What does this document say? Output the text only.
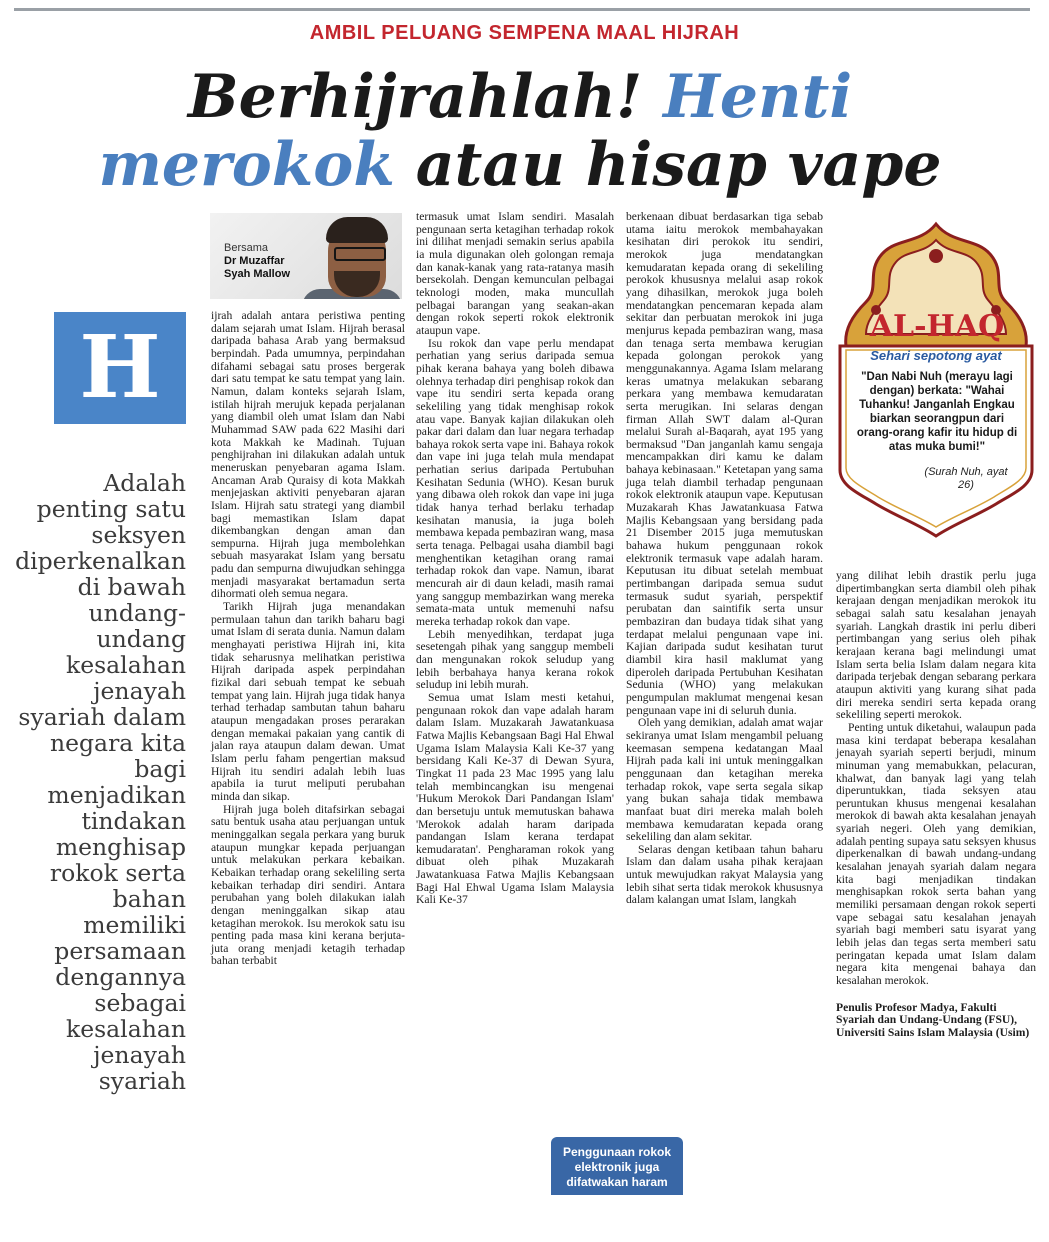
AMBIL PELUANG SEMPENA MAAL HIJRAH
Berhijrahlah! Henti
merokok atau hisap vape
Bersama
Dr Muzaffar
Syah Mallow
H
Adalah penting satu seksyen diperkenalkan di bawah undang-undang kesalahan jenayah syariah dalam negara kita bagi menjadikan tindakan menghisap rokok serta bahan memiliki persamaan dengannya sebagai kesalahan jenayah syariah

ijrah adalah antara peristiwa penting dalam sejarah umat Islam. Hijrah berasal daripada bahasa Arab yang bermaksud berpindah. Pada umumnya, perpindahan difahami sebagai satu proses bergerak dari satu tempat ke satu tempat yang lain. Namun, dalam konteks sejarah Islam, istilah hijrah merujuk kepada perjalanan yang diambil oleh umat Islam dan Nabi Muhammad SAW pada 622 Masihi dari kota Makkah ke Madinah. Tujuan penghijrahan ini dilakukan adalah untuk meneruskan penyebaran agama Islam. Ancaman Arab Quraisy di kota Makkah menjejaskan aktiviti penyebaran ajaran Islam. Hijrah satu strategi yang diambil bagi memastikan Islam dapat dikembangkan dengan aman dan sempurna. Hijrah juga membolehkan sebuah masyarakat Islam yang bersatu padu dan sempurna diwujudkan sehingga menjadi masyarakat bertamadun serta dihormati oleh semua negara.

Tarikh Hijrah juga menandakan permulaan tahun dan tarikh baharu bagi umat Islam di serata dunia. Namun dalam menghayati peristiwa Hijrah ini, kita tidak seharusnya melihatkan peristiwa Hijrah daripada aspek perpindahan fizikal dari sebuah tempat ke sebuah tempat yang lain. Hijrah juga tidak hanya terhad terhadap sambutan tahun baharu ataupun mengadakan proses perarakan dengan memakai pakaian yang cantik di jalan raya ataupun dalam dewan. Umat Islam perlu faham pengertian maksud Hijrah itu sendiri adalah lebih luas apabila ia turut meliputi perubahan minda dan sikap.

Hijrah juga boleh ditafsirkan sebagai satu bentuk usaha atau perjuangan untuk meninggalkan segala perkara yang buruk ataupun mungkar kepada perjuangan untuk melakukan perkara kebaikan. Kebaikan terhadap orang sekeliling serta kebaikan terhadap diri sendiri. Antara perubahan yang boleh dilakukan ialah dengan meninggalkan sikap atau ketagihan merokok. Isu merokok satu isu penting pada masa kini kerana berjuta-juta orang menjadi ketagih terhadap bahan terbabit

termasuk umat Islam sendiri. Masalah pengunaan serta ketagihan terhadap rokok ini dilihat menjadi semakin serius apabila ia mula digunakan oleh golongan remaja dan kanak-kanak yang rata-ratanya masih bersekolah. Dengan kemunculan pelbagai teknologi moden, maka muncullah pelbagai barangan yang seakan-akan dengan rokok seperti rokok elektronik ataupun vape.

Isu rokok dan vape perlu mendapat perhatian yang serius daripada semua pihak kerana bahaya yang boleh dibawa olehnya terhadap diri penghisap rokok dan vape itu sendiri serta kepada orang sekeliling yang tidak menghisap rokok atau vape. Banyak kajian dilakukan oleh pakar dari dalam dan luar negara terhadap bahaya rokok serta vape ini. Bahaya rokok dan vape ini juga telah mula mendapat perhatian serius daripada Pertubuhan Kesihatan Sedunia (WHO). Kesan buruk yang dibawa oleh rokok dan vape ini juga tidak hanya terhad berlaku terhadap kesihatan manusia, ia juga boleh membawa kepada pembaziran wang, masa serta tenaga. Pelbagai usaha diambil bagi menghentikan ketagihan orang ramai terhadap rokok dan vape. Namun, ibarat mencurah air di daun keladi, masih ramai yang sanggup membazirkan wang mereka semata-mata untuk memenuhi nafsu mereka terhadap rokok dan vape.

Lebih menyedihkan, terdapat juga sesetengah pihak yang sanggup membeli dan mengunakan rokok seludup yang lebih berbahaya hanya kerana rokok seludup ini lebih murah.

Semua umat Islam mesti ketahui, pengunaan rokok dan vape adalah haram dalam Islam. Muzakarah Jawatankuasa Fatwa Majlis Kebangsaan Bagi Hal Ehwal Ugama Islam Malaysia Kali Ke-37 yang bersidang Kali Ke-37 di Dewan Syura, Tingkat 11 pada 23 Mac 1995 yang lalu telah membincangkan isu mengenai 'Hukum Merokok Dari Pandangan Islam' dan bersetuju untuk memutuskan bahawa 'Merokok adalah haram daripada pandangan Islam kerana terdapat kemudaratan'. Pengharaman rokok yang dibuat oleh pihak Muzakarah Jawatankuasa Fatwa Majlis Kebangsaan Bagi Hal Ehwal Ugama Islam Malaysia Kali Ke-37

berkenaan dibuat berdasarkan tiga sebab utama iaitu merokok membahayakan kesihatan diri perokok itu sendiri, merokok juga mendatangkan kemudaratan kepada orang di sekeliling perokok khususnya melalui asap rokok yang dihasilkan, merokok juga boleh mendatangkan pencemaran kepada alam sekitar dan perbuatan merokok ini juga menjurus kepada pembaziran wang, masa dan tenaga serta membawa kerugian kepada golongan perokok yang menggunakannya. Agama Islam melarang keras umatnya melakukan sebarang perkara yang membawa kemudaratan serta merugikan. Ini selaras dengan firman Allah SWT dalam al-Quran melalui Surah al-Baqarah, ayat 195 yang bermaksud "Dan janganlah kamu sengaja mencampakkan diri kamu ke dalam bahaya kebinasaan." Ketetapan yang sama juga telah diambil terhadap pengunaan rokok elektronik ataupun vape. Keputusan Muzakarah Khas Jawatankuasa Fatwa Majlis Kebangsaan yang bersidang pada 21 Disember 2015 juga memutuskan bahawa hukum penggunaan rokok elektronik termasuk vape adalah haram. Keputusan itu dibuat setelah membuat pertimbangan daripada semua sudut termasuk sudut syariah, perspektif perubatan dan saintifik serta unsur pembaziran dan budaya tidak sihat yang terdapat melalui pengunaan vape ini. Kajian daripada sudut kesihatan turut diambil kira hasil maklumat yang diperoleh daripada Pertubuhan Kesihatan Sedunia (WHO) yang melakukan pengumpulan maklumat mengenai kesan pengunaan vape ini di seluruh dunia.

Oleh yang demikian, adalah amat wajar sekiranya umat Islam mengambil peluang keemasan sempena kedatangan Maal Hijrah pada kali ini untuk meninggalkan penggunaan dan ketagihan mereka terhadap rokok, vape serta segala sikap yang bukan sahaja tidak membawa manfaat buat diri mereka malah boleh membawa kemudaratan kepada orang sekeliling dan alam sekitar.

Selaras dengan ketibaan tahun baharu Islam dan dalam usaha pihak kerajaan untuk mewujudkan rakyat Malaysia yang lebih sihat serta tidak merokok khususnya dalam kalangan umat Islam, langkah

yang dilihat lebih drastik perlu juga dipertimbangkan serta diambil oleh pihak kerajaan dengan menjadikan merokok itu sebagai salah satu kesalahan jenayah syariah. Langkah drastik ini perlu diberi pertimbangan yang serius oleh pihak kerajaan kerana bagi melindungi umat Islam serta belia Islam dalam negara kita daripada terjebak dengan sebarang perkara ataupun aktiviti yang kurang sihat pada diri mereka sendiri serta kepada orang sekeliling seperti merokok.

Penting untuk diketahui, walaupun pada masa kini terdapat beberapa kesalahan jenayah syariah seperti berjudi, minum minuman yang memabukkan, pelacuran, khalwat, dan banyak lagi yang telah diperuntukkan, tiada seksyen atau peruntukan khusus mengenai kesalahan merokok di bawah akta kesalahan jenayah syariah negeri. Oleh yang demikian, adalah penting supaya satu seksyen khusus diperkenalkan di bawah undang-undang kesalahan jenayah syariah dalam negara kita bagi menjadikan tindakan menghisapkan rokok serta bahan yang memiliki persamaan dengan rokok seperti vape sebagai satu kesalahan jenayah syariah bagi memberi satu isyarat yang lebih jelas dan tegas serta memberi satu peringatan kepada umat Islam dalam negara kita mengenai bahaya dan kesalahan merokok.

Penulis Profesor Madya, Fakulti Syariah dan Undang-Undang (FSU), Universiti Sains Islam Malaysia (Usim)

Penggunaan rokok elektronik juga difatwakan haram
AL-HAQ
Sehari sepotong ayat
"Dan Nabi Nuh (merayu lagi dengan) berkata: "Wahai Tuhanku! Janganlah Engkau biarkan seorangpun dari orang-orang kafir itu hidup di atas muka bumi!"
(Surah Nuh, ayat 26)
